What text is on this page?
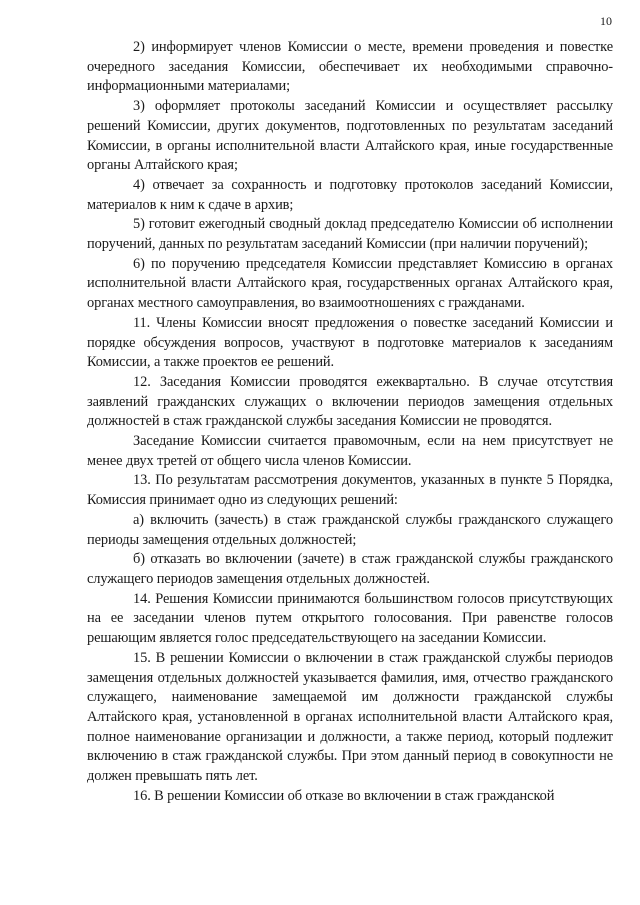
10

2) информирует членов Комиссии о месте, времени проведения и повестке очередного заседания Комиссии, обеспечивает их необходимыми справочно-информационными материалами;

3) оформляет протоколы заседаний Комиссии и осуществляет рассылку решений Комиссии, других документов, подготовленных по результатам заседаний Комиссии, в органы исполнительной власти Алтайского края, иные государственные органы Алтайского края;

4) отвечает за сохранность и подготовку протоколов заседаний Комиссии, материалов к ним к сдаче в архив;

5) готовит ежегодный сводный доклад председателю Комиссии об исполнении поручений, данных по результатам заседаний Комиссии (при наличии поручений);

6) по поручению председателя Комиссии представляет Комиссию в органах исполнительной власти Алтайского края, государственных органах Алтайского края, органах местного самоуправления, во взаимоотношениях с гражданами.

11. Члены Комиссии вносят предложения о повестке заседаний Комиссии и порядке обсуждения вопросов, участвуют в подготовке материалов к заседаниям Комиссии, а также проектов ее решений.

12. Заседания Комиссии проводятся ежеквартально. В случае отсутствия заявлений гражданских служащих о включении периодов замещения отдельных должностей в стаж гражданской службы заседания Комиссии не проводятся.

Заседание Комиссии считается правомочным, если на нем присутствует не менее двух третей от общего числа членов Комиссии.

13. По результатам рассмотрения документов, указанных в пункте 5 Порядка, Комиссия принимает одно из следующих решений:

а) включить (зачесть) в стаж гражданской службы гражданского служащего периоды замещения отдельных должностей;

б) отказать во включении (зачете) в стаж гражданской службы гражданского служащего периодов замещения отдельных должностей.

14. Решения Комиссии принимаются большинством голосов присутствующих на ее заседании членов путем открытого голосования. При равенстве голосов решающим является голос председательствующего на заседании Комиссии.

15. В решении Комиссии о включении в стаж гражданской службы периодов замещения отдельных должностей указывается фамилия, имя, отчество гражданского служащего, наименование замещаемой им должности гражданской службы Алтайского края, установленной в органах исполнительной власти Алтайского края, полное наименование организации и должности, а также период, который подлежит включению в стаж гражданской службы. При этом данный период в совокупности не должен превышать пять лет.

16. В решении Комиссии об отказе во включении в стаж гражданской
